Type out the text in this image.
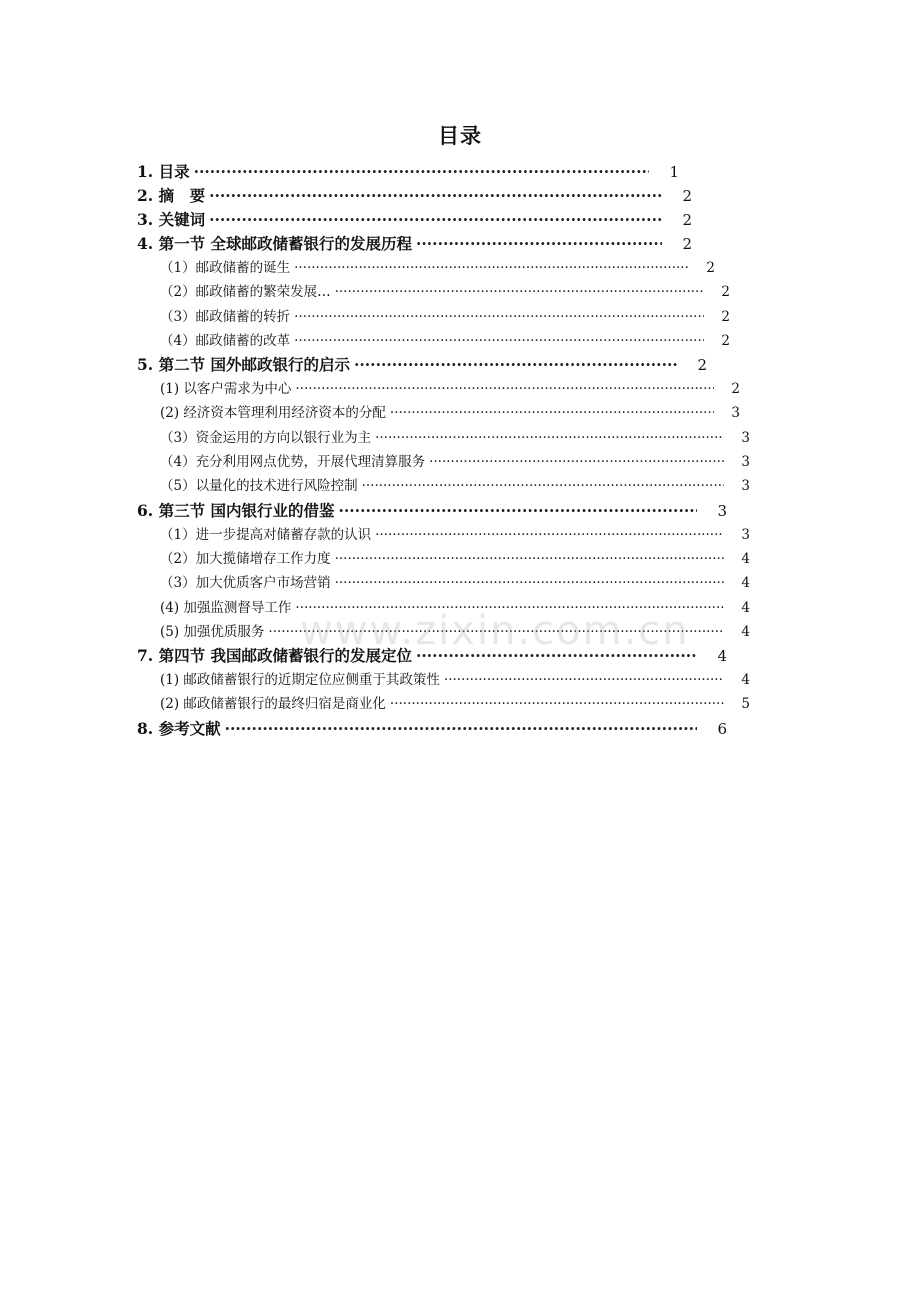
目录
1. 目录 ·····	1
2. 摘　要 ·····	2
3. 关键词 ·····	2
4. 第一节 全球邮政储蓄银行的发展历程 ·····	2
（1）邮政储蓄的诞生 ·····	2
（2）邮政储蓄的繁荣发展… ·····	2
（3）邮政储蓄的转折 ·····	2
（4）邮政储蓄的改革 ·····	2
5. 第二节 国外邮政银行的启示 ·····	2
(1) 以客户需求为中心 ·····	2
(2) 经济资本管理利用经济资本的分配 ·····	3
（3）资金运用的方向以银行业为主 ·····	3
（4）充分利用网点优势，开展代理清算服务 ·····	3
（5）以量化的技术进行风险控制 ·····	3
6. 第三节 国内银行业的借鉴 ·····	3
（1）进一步提高对储蓄存款的认识 ·····	3
（2）加大揽储增存工作力度 ·····	4
（3）加大优质客户市场营销 ·····	4
(4) 加强监测督导工作 ·····	4
(5) 加强优质服务 ·····	4
7. 第四节 我国邮政储蓄银行的发展定位 ·····	4
(1) 邮政储蓄银行的近期定位应侧重于其政策性 ·····	4
(2) 邮政储蓄银行的最终归宿是商业化 ·····	5
8. 参考文献 ·····	6
www.zixin.com.cn
